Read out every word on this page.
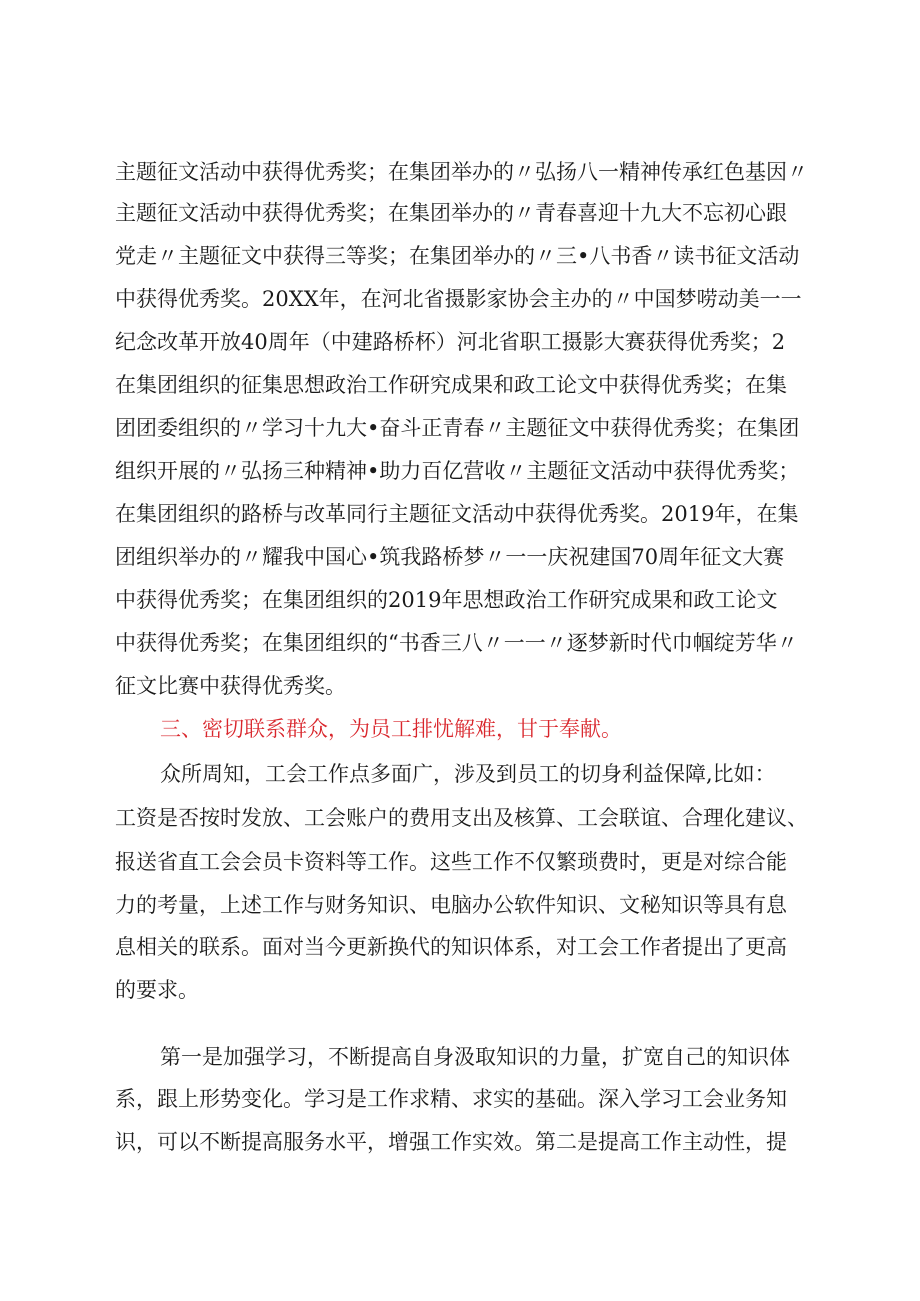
主题征文活动中获得优秀奖；在集团举办的〃弘扬八一精神传承红色基因〃
主题征文活动中获得优秀奖；在集团举办的〃青春喜迎十九大不忘初心跟
党走〃主题征文中获得三等奖；在集团举办的〃三•八书香〃读书征文活动
中获得优秀奖。20XX年，在河北省摄影家协会主办的〃中国梦唠动美一一
纪念改革开放40周年（中建路桥杯）河北省职工摄影大赛获得优秀奖；2
在集团组织的征集思想政治工作研究成果和政工论文中获得优秀奖；在集
团团委组织的〃学习十九大•奋斗正青春〃主题征文中获得优秀奖；在集团
组织开展的〃弘扬三种精神•助力百亿营收〃主题征文活动中获得优秀奖；
在集团组织的路桥与改革同行主题征文活动中获得优秀奖。2019年，在集
团组织举办的〃耀我中国心•筑我路桥梦〃一一庆祝建国70周年征文大赛
中获得优秀奖；在集团组织的2019年思想政治工作研究成果和政工论文
中获得优秀奖；在集团组织的“书香三八〃一一〃逐梦新时代巾帼绽芳华〃
征文比赛中获得优秀奖。
三、密切联系群众，为员工排忧解难，甘于奉献。
众所周知，工会工作点多面广，涉及到员工的切身利益保障,比如：
工资是否按时发放、工会账户的费用支出及核算、工会联谊、合理化建议、
报送省直工会会员卡资料等工作。这些工作不仅繁琐费时，更是对综合能
力的考量，上述工作与财务知识、电脑办公软件知识、文秘知识等具有息
息相关的联系。面对当今更新换代的知识体系，对工会工作者提出了更高
的要求。
第一是加强学习，不断提高自身汲取知识的力量，扩宽自己的知识体
系，跟上形势变化。学习是工作求精、求实的基础。深入学习工会业务知
识，可以不断提高服务水平，增强工作实效。第二是提高工作主动性，提
